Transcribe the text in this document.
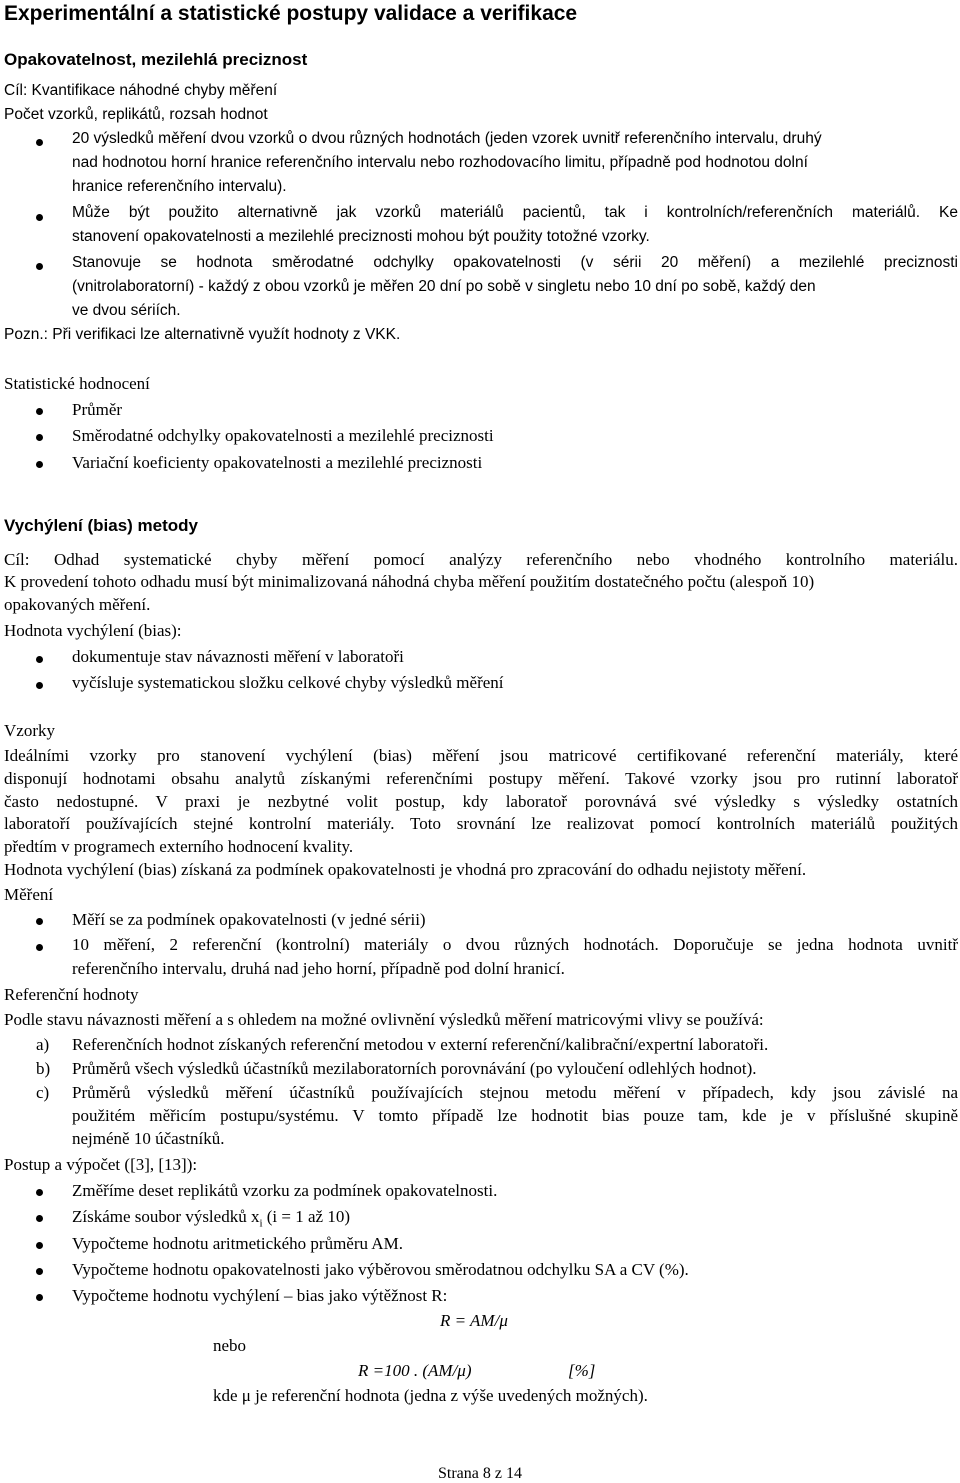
Experimentální a statistické postupy validace a verifikace
Opakovatelnost, mezilehlá preciznost
Cíl: Kvantifikace náhodné chyby měření
Počet vzorků, replikátů, rozsah hodnot
20 výsledků měření dvou vzorků o dvou různých hodnotách (jeden vzorek uvnitř referenčního intervalu, druhý
nad hodnotou horní hranice referenčního intervalu nebo rozhodovacího limitu, případně pod hodnotou dolní
hranice referenčního intervalu).
Může být použito alternativně jak vzorků materiálů pacientů, tak i kontrolních/referenčních materiálů. Ke
stanovení opakovatelnosti a mezilehlé preciznosti mohou být použity totožné vzorky.
Stanovuje se hodnota směrodatné odchylky opakovatelnosti (v sérii 20 měření) a mezilehlé preciznosti
(vnitrolaboratorní) - každý z obou vzorků je měřen 20 dní po sobě v singletu nebo 10 dní po sobě, každý den
ve dvou sériích.
Pozn.: Při verifikaci lze alternativně využít hodnoty z VKK.
Statistické hodnocení
Průměr
Směrodatné odchylky opakovatelnosti a mezilehlé preciznosti
Variační koeficienty opakovatelnosti a mezilehlé preciznosti
Vychýlení (bias) metody
Cíl: Odhad systematické chyby měření pomocí analýzy referenčního nebo vhodného kontrolního materiálu.
K provedení tohoto odhadu musí být minimalizovaná náhodná chyba měření použitím dostatečného počtu (alespoň 10)
opakovaných měření.
Hodnota vychýlení (bias):
dokumentuje stav návaznosti měření v laboratoři
vyčísluje systematickou složku celkové chyby výsledků měření
Vzorky
Ideálními vzorky pro stanovení vychýlení (bias) měření jsou matricové certifikované referenční materiály, které
disponují hodnotami obsahu analytů získanými referenčními postupy měření. Takové vzorky jsou pro rutinní laboratoř
často nedostupné. V praxi je nezbytné volit postup, kdy laboratoř porovnává své výsledky s výsledky ostatních
laboratoří používajících stejné kontrolní materiály. Toto srovnání lze realizovat pomocí kontrolních materiálů použitých
předtím v programech externího hodnocení kvality.
Hodnota vychýlení (bias) získaná za podmínek opakovatelnosti je vhodná pro zpracování do odhadu nejistoty měření.
Měření
Měří se za podmínek opakovatelnosti (v jedné sérii)
10 měření, 2 referenční (kontrolní) materiály o dvou různých hodnotách. Doporučuje se jedna hodnota uvnitř
referenčního intervalu, druhá nad jeho horní, případně pod dolní hranicí.
Referenční hodnoty
Podle stavu návaznosti měření a s ohledem na možné ovlivnění výsledků měření matricovými vlivy se používá:
a) Referenčních hodnot získaných referenční metodou v externí referenční/kalibrační/expertní laboratoři.
b) Průměrů všech výsledků účastníků mezilaboratorních porovnávání (po vyloučení odlehlých hodnot).
c) Průměrů výsledků měření účastníků používajících stejnou metodu měření v případech, kdy jsou závislé na
použitém měřicím postupu/systému. V tomto případě lze hodnotit bias pouze tam, kde je v příslušné skupině
nejméně 10 účastníků.
Postup a výpočet ([3], [13]):
Změříme deset replikátů vzorku za podmínek opakovatelnosti.
Získáme soubor výsledků $x_i$ (i = 1 až 10)
Vypočteme hodnotu aritmetického průměru AM.
Vypočteme hodnotu opakovatelnosti jako výběrovou směrodatnou odchylku SA a CV (%).
Vypočteme hodnotu vychýlení – bias jako výtěžnost R:
R = AM/μ
nebo
R =100 . (AM/μ)	[%]
kde μ je referenční hodnota (jedna z výše uvedených možných).
Strana 8 z 14
